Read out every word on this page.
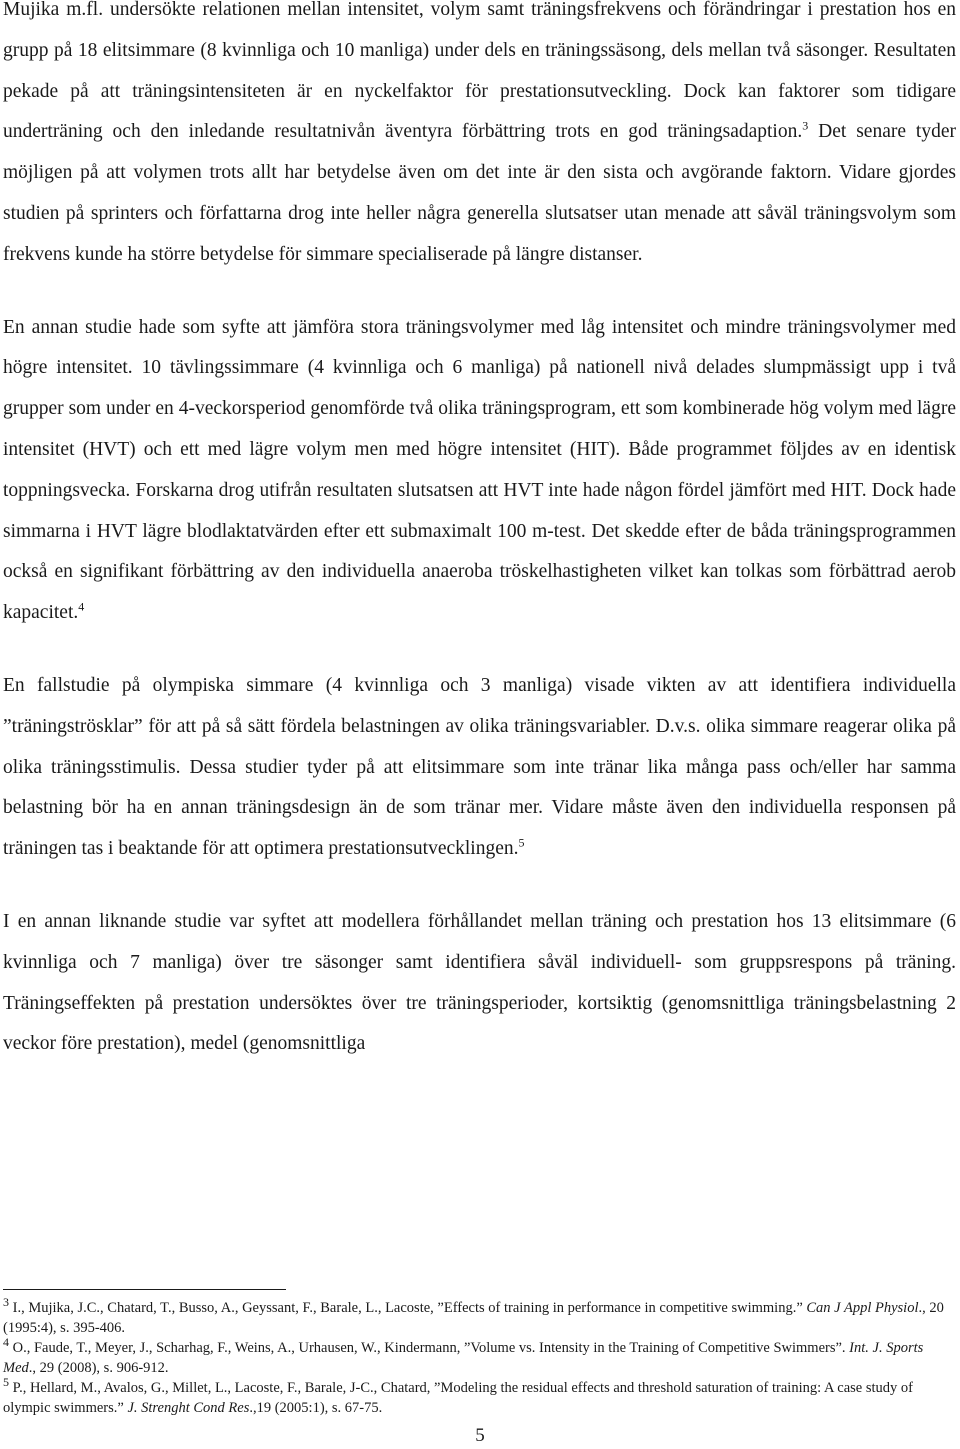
Mujika m.fl. undersökte relationen mellan intensitet, volym samt träningsfrekvens och förändringar i prestation hos en grupp på 18 elitsimmare (8 kvinnliga och 10 manliga) under dels en träningssäsong, dels mellan två säsonger. Resultaten pekade på att träningsintensiteten är en nyckelfaktor för prestationsutveckling. Dock kan faktorer som tidigare underträning och den inledande resultatnivån äventyra förbättring trots en god träningsadaption.$^3$ Det senare tyder möjligen på att volymen trots allt har betydelse även om det inte är den sista och avgörande faktorn. Vidare gjordes studien på sprinters och författarna drog inte heller några generella slutsatser utan menade att såväl träningsvolym som frekvens kunde ha större betydelse för simmare specialiserade på längre distanser.

En annan studie hade som syfte att jämföra stora träningsvolymer med låg intensitet och mindre träningsvolymer med högre intensitet. 10 tävlingssimmare (4 kvinnliga och 6 manliga) på nationell nivå delades slumpmässigt upp i två grupper som under en 4-veckorsperiod genomförde två olika träningsprogram, ett som kombinerade hög volym med lägre intensitet (HVT) och ett med lägre volym men med högre intensitet (HIT). Både programmet följdes av en identisk toppningsvecka. Forskarna drog utifrån resultaten slutsatsen att HVT inte hade någon fördel jämfört med HIT. Dock hade simmarna i HVT lägre blodlaktatvärden efter ett submaximalt 100 m-test. Det skedde efter de båda träningsprogrammen också en signifikant förbättring av den individuella anaeroba tröskelhastigheten vilket kan tolkas som förbättrad aerob kapacitet.$^4$

En fallstudie på olympiska simmare (4 kvinnliga och 3 manliga) visade vikten av att identifiera individuella ”träningströsklar” för att på så sätt fördela belastningen av olika träningsvariabler. D.v.s. olika simmare reagerar olika på olika träningsstimulis. Dessa studier tyder på att elitsimmare som inte tränar lika många pass och/eller har samma belastning bör ha en annan träningsdesign än de som tränar mer. Vidare måste även den individuella responsen på träningen tas i beaktande för att optimera prestationsutvecklingen.$^5$

I en annan liknande studie var syftet att modellera förhållandet mellan träning och prestation hos 13 elitsimmare (6 kvinnliga och 7 manliga) över tre säsonger samt identifiera såväl individuell- som gruppsrespons på träning. Träningseffekten på prestation undersöktes över tre träningsperioder, kortsiktig (genomsnittliga träningsbelastning 2 veckor före prestation), medel (genomsnittliga

$^3$ I., Mujika, J.C., Chatard, T., Busso, A., Geyssant, F., Barale, L., Lacoste, ”Effects of training in performance in competitive swimming.” Can J Appl Physiol., 20 (1995:4), s. 395-406.

$^4$ O., Faude, T., Meyer, J., Scharhag, F., Weins, A., Urhausen, W., Kindermann, ”Volume vs. Intensity in the Training of Competitive Swimmers”. Int. J. Sports Med., 29 (2008), s. 906-912.

$^5$ P., Hellard, M., Avalos, G., Millet, L., Lacoste, F., Barale, J-C., Chatard, ”Modeling the residual effects and threshold saturation of training: A case study of olympic swimmers.” J. Strenght Cond Res.,19 (2005:1), s. 67-75.

5
